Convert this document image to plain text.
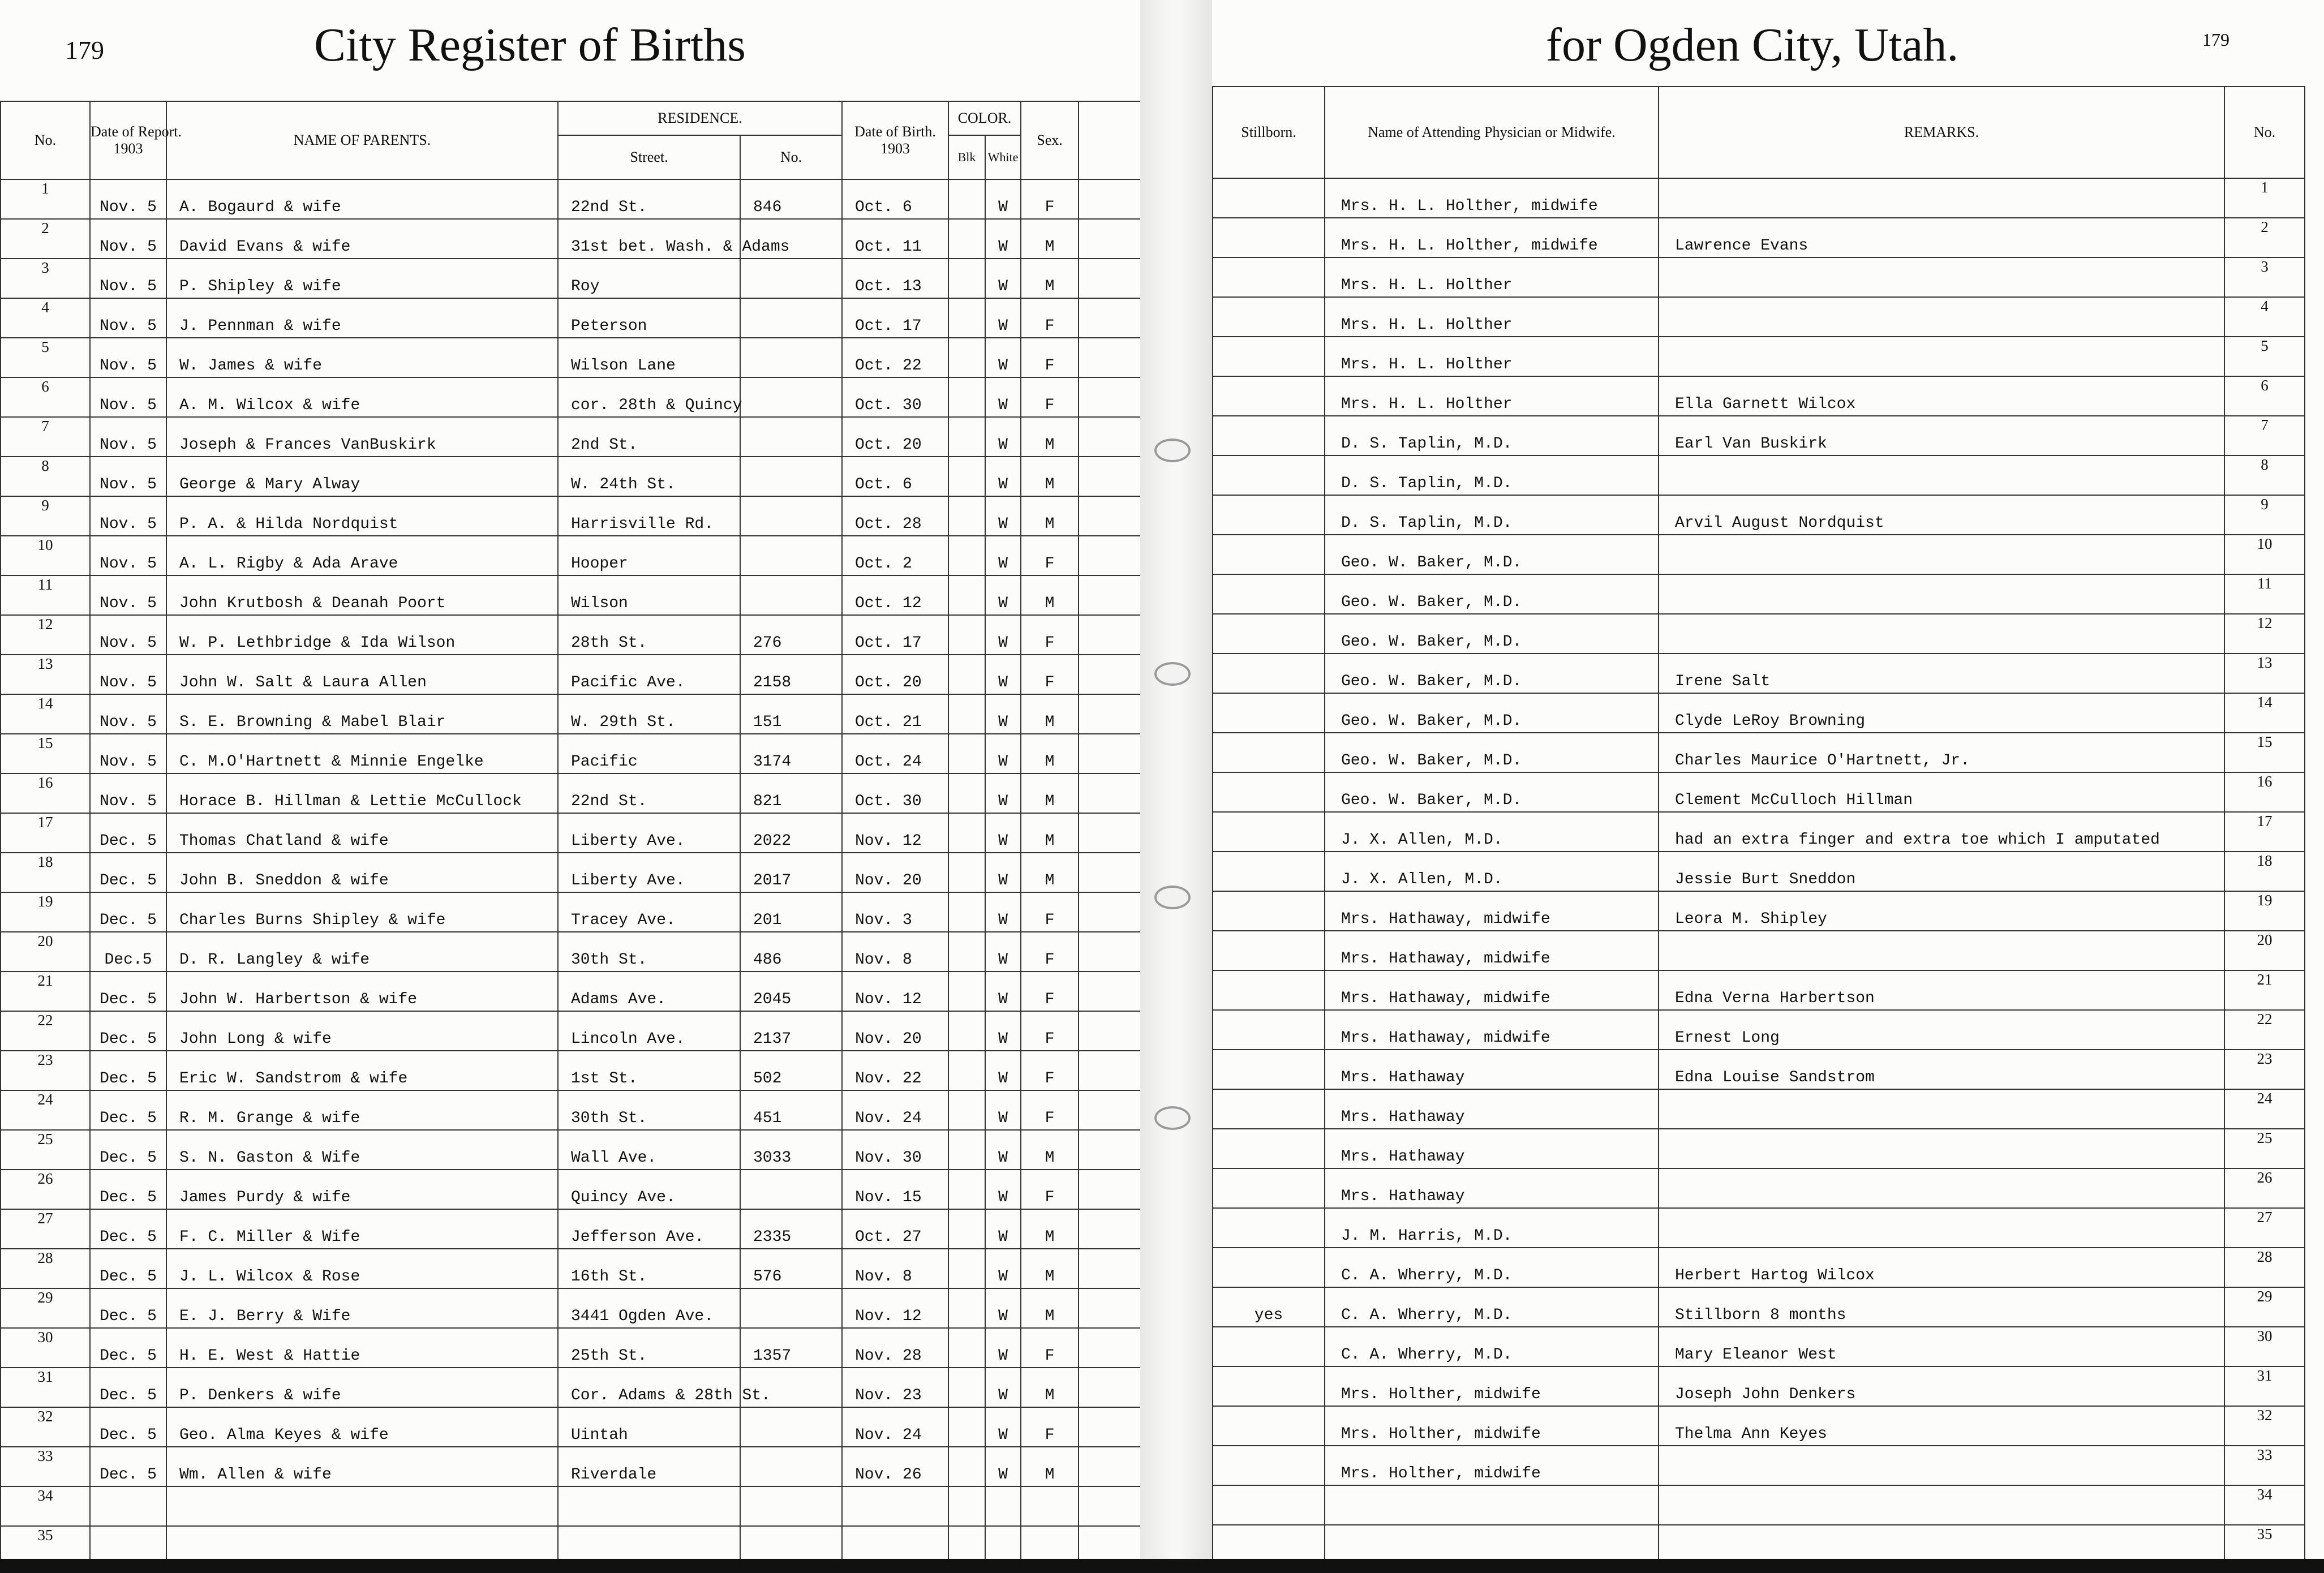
179	City Register of Births
No.	Date of Report.
1903	NAME OF PARENTS.	RESIDENCE.		Date of Birth.
1903	COLOR.		Sex.	
			Street.	No.		Blk	White		
1	Nov. 5	A. Bogaurd & wife	22nd St.	846	Oct. 6		W	F	
2	Nov. 5	David Evans & wife	31st bet. Wash. & Adams		Oct. 11		W	M	
3	Nov. 5	P. Shipley & wife	Roy		Oct. 13		W	M	
4	Nov. 5	J. Pennman & wife	Peterson		Oct. 17		W	F	
5	Nov. 5	W. James & wife	Wilson Lane		Oct. 22		W	F	
6	Nov. 5	A. M. Wilcox & wife	cor. 28th & Quincy		Oct. 30		W	F	
7	Nov. 5	Joseph & Frances VanBuskirk	2nd St.		Oct. 20		W	M	
8	Nov. 5	George & Mary Alway	W. 24th St.		Oct. 6		W	M	
9	Nov. 5	P. A. & Hilda Nordquist	Harrisville Rd.		Oct. 28		W	M	
10	Nov. 5	A. L. Rigby & Ada Arave	Hooper		Oct. 2		W	F	
11	Nov. 5	John Krutbosh & Deanah Poort	Wilson		Oct. 12		W	M	
12	Nov. 5	W. P. Lethbridge & Ida Wilson	28th St.	276	Oct. 17		W	F	
13	Nov. 5	John W. Salt & Laura Allen	Pacific Ave.	2158	Oct. 20		W	F	
14	Nov. 5	S. E. Browning & Mabel Blair	W. 29th St.	151	Oct. 21		W	M	
15	Nov. 5	C. M.O'Hartnett & Minnie Engelke	Pacific	3174	Oct. 24		W	M	
16	Nov. 5	Horace B. Hillman & Lettie McCullock	22nd St.	821	Oct. 30		W	M	
17	Dec. 5	Thomas Chatland & wife	Liberty Ave.	2022	Nov. 12		W	M	
18	Dec. 5	John B. Sneddon & wife	Liberty Ave.	2017	Nov. 20		W	M	
19	Dec. 5	Charles Burns Shipley & wife	Tracey Ave.	201	Nov. 3		W	F	
20	Dec.5	D. R. Langley & wife	30th St.	486	Nov. 8		W	F	
21	Dec. 5	John W. Harbertson & wife	Adams Ave.	2045	Nov. 12		W	F	
22	Dec. 5	John Long & wife	Lincoln Ave.	2137	Nov. 20		W	F	
23	Dec. 5	Eric W. Sandstrom & wife	1st St.	502	Nov. 22		W	F	
24	Dec. 5	R. M. Grange & wife	30th St.	451	Nov. 24		W	F	
25	Dec. 5	S. N. Gaston & Wife	Wall Ave.	3033	Nov. 30		W	M	
26	Dec. 5	James Purdy & wife	Quincy Ave.		Nov. 15		W	F	
27	Dec. 5	F. C. Miller & Wife	Jefferson Ave.	2335	Oct. 27		W	M	
28	Dec. 5	J. L. Wilcox & Rose	16th St.	576	Nov. 8		W	M	
29	Dec. 5	E. J. Berry & Wife	3441 Ogden Ave.		Nov. 12		W	M	
30	Dec. 5	H. E. West & Hattie	25th St.	1357	Nov. 28		W	F	
31	Dec. 5	P. Denkers & wife	Cor. Adams & 28th St.		Nov. 23		W	M	
32	Dec. 5	Geo. Alma Keyes & wife	Uintah		Nov. 24		W	F	
33	Dec. 5	Wm. Allen & wife	Riverdale		Nov. 26		W	M	
34									
35									
for Ogden City, Utah.	179
Stillborn.	Name of Attending Physician or Midwife.	REMARKS.	No.
	Mrs. H. L. Holther, midwife		1
	Mrs. H. L. Holther, midwife	Lawrence Evans	2
	Mrs. H. L. Holther		3
	Mrs. H. L. Holther		4
	Mrs. H. L. Holther		5
	Mrs. H. L. Holther	Ella Garnett Wilcox	6
	D. S. Taplin, M.D.	Earl Van Buskirk	7
	D. S. Taplin, M.D.		8
	D. S. Taplin, M.D.	Arvil August Nordquist	9
	Geo. W. Baker, M.D.		10
	Geo. W. Baker, M.D.		11
	Geo. W. Baker, M.D.		12
	Geo. W. Baker, M.D.	Irene Salt	13
	Geo. W. Baker, M.D.	Clyde LeRoy Browning	14
	Geo. W. Baker, M.D.	Charles Maurice O'Hartnett, Jr.	15
	Geo. W. Baker, M.D.	Clement McCulloch Hillman	16
	J. X. Allen, M.D.	had an extra finger and extra toe which I amputated	17
	J. X. Allen, M.D.	Jessie Burt Sneddon	18
	Mrs. Hathaway, midwife	Leora M. Shipley	19
	Mrs. Hathaway, midwife		20
	Mrs. Hathaway, midwife	Edna Verna Harbertson	21
	Mrs. Hathaway, midwife	Ernest Long	22
	Mrs. Hathaway	Edna Louise Sandstrom	23
	Mrs. Hathaway		24
	Mrs. Hathaway		25
	Mrs. Hathaway		26
	J. M. Harris, M.D.		27
	C. A. Wherry, M.D.	Herbert Hartog Wilcox	28
yes	C. A. Wherry, M.D.	Stillborn 8 months	29
	C. A. Wherry, M.D.	Mary Eleanor West	30
	Mrs. Holther, midwife	Joseph John Denkers	31
	Mrs. Holther, midwife	Thelma Ann Keyes	32
	Mrs. Holther, midwife		33
			34
			35
